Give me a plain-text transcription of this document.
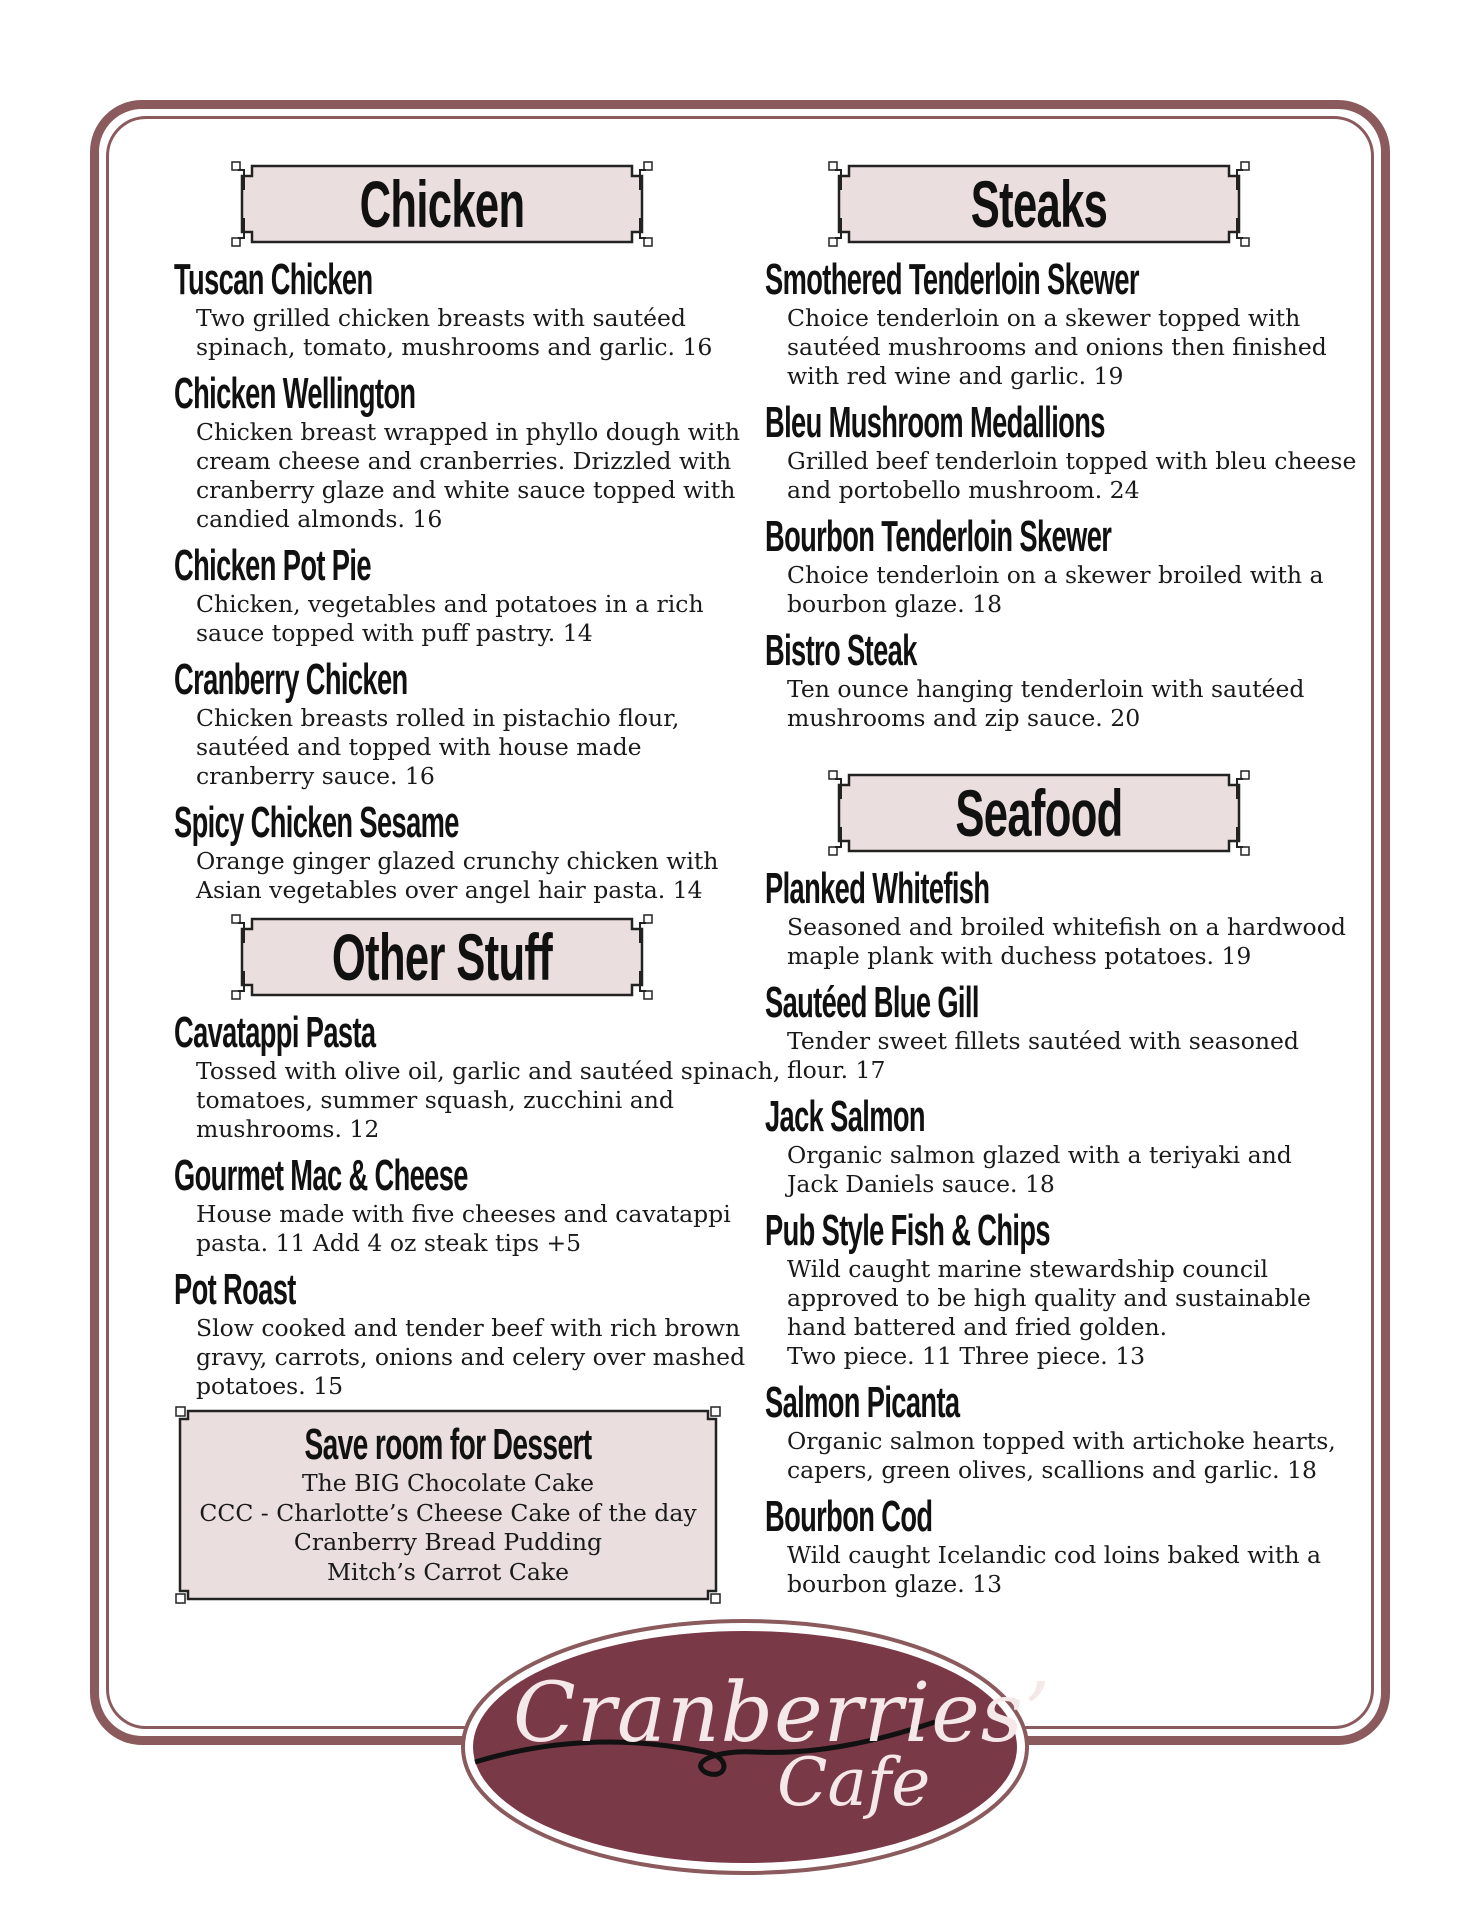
Chicken
Tuscan Chicken
Two grilled chicken breasts with sautéed
spinach, tomato, mushrooms and garlic. 16
Chicken Wellington
Chicken breast wrapped in phyllo dough with
cream cheese and cranberries. Drizzled with
cranberry glaze and white sauce topped with
candied almonds. 16
Chicken Pot Pie
Chicken, vegetables and potatoes in a rich
sauce topped with puff pastry. 14
Cranberry Chicken
Chicken breasts rolled in pistachio flour,
sautéed and topped with house made
cranberry sauce. 16
Spicy Chicken Sesame
Orange ginger glazed crunchy chicken with
Asian vegetables over angel hair pasta. 14
Other Stuff
Cavatappi Pasta
Tossed with olive oil, garlic and sautéed spinach,
tomatoes, summer squash, zucchini and
mushrooms. 12
Gourmet Mac & Cheese
House made with five cheeses and cavatappi
pasta. 11 Add 4 oz steak tips +5
Pot Roast
Slow cooked and tender beef with rich brown
gravy, carrots, onions and celery over mashed
potatoes. 15
Steaks
Smothered Tenderloin Skewer
Choice tenderloin on a skewer topped with
sautéed mushrooms and onions then finished
with red wine and garlic. 19
Bleu Mushroom Medallions
Grilled beef tenderloin topped with bleu cheese
and portobello mushroom. 24
Bourbon Tenderloin Skewer
Choice tenderloin on a skewer broiled with a
bourbon glaze. 18
Bistro Steak
Ten ounce hanging tenderloin with sautéed
mushrooms and zip sauce. 20
Seafood
Planked Whitefish
Seasoned and broiled whitefish on a hardwood
maple plank with duchess potatoes. 19
Sautéed Blue Gill
Tender sweet fillets sautéed with seasoned
flour. 17
Jack Salmon
Organic salmon glazed with a teriyaki and
Jack Daniels sauce. 18
Pub Style Fish & Chips
Wild caught marine stewardship council
approved to be high quality and sustainable
hand battered and fried golden.
Two piece. 11 Three piece. 13
Salmon Picanta
Organic salmon topped with artichoke hearts,
capers, green olives, scallions and garlic. 18
Bourbon Cod
Wild caught Icelandic cod loins baked with a
bourbon glaze. 13
Save room for Dessert
The BIG Chocolate Cake
CCC - Charlotte’s Cheese Cake of the day
Cranberry Bread Pudding
Mitch’s Carrot Cake
Cranberries’
Cafe
